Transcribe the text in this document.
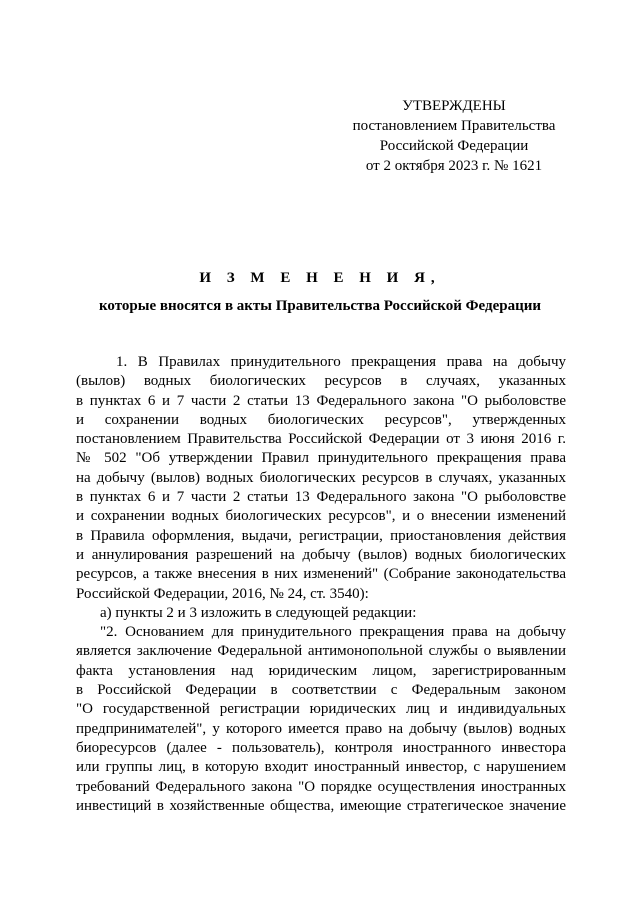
УТВЕРЖДЕНЫ
постановлением Правительства
Российской Федерации
от 2 октября 2023 г. № 1621
И З М Е Н Е Н И Я,
которые вносятся в акты Правительства Российской Федерации

1. В Правилах принудительного прекращения права на добычу

(вылов) водных биологических ресурсов в случаях, указанных

в пунктах 6 и 7 части 2 статьи 13 Федерального закона "О рыболовстве

и сохранении водных биологических ресурсов", утвержденных

постановлением Правительства Российской Федерации от 3 июня 2016 г.

№ 502 "Об утверждении Правил принудительного прекращения права

на добычу (вылов) водных биологических ресурсов в случаях, указанных

в пунктах 6 и 7 части 2 статьи 13 Федерального закона "О рыболовстве

и сохранении водных биологических ресурсов", и о внесении изменений

в Правила оформления, выдачи, регистрации, приостановления действия

и аннулирования разрешений на добычу (вылов) водных биологических

ресурсов, а также внесения в них изменений" (Собрание законодательства

Российской Федерации, 2016, № 24, ст. 3540):

а) пункты 2 и 3 изложить в следующей редакции:

"2. Основанием для принудительного прекращения права на добычу

является заключение Федеральной антимонопольной службы о выявлении

факта установления над юридическим лицом, зарегистрированным

в Российской Федерации в соответствии с Федеральным законом

"О государственной регистрации юридических лиц и индивидуальных

предпринимателей", у которого имеется право на добычу (вылов) водных

биоресурсов (далее - пользователь), контроля иностранного инвестора

или группы лиц, в которую входит иностранный инвестор, с нарушением

требований Федерального закона "О порядке осуществления иностранных

инвестиций в хозяйственные общества, имеющие стратегическое значение
